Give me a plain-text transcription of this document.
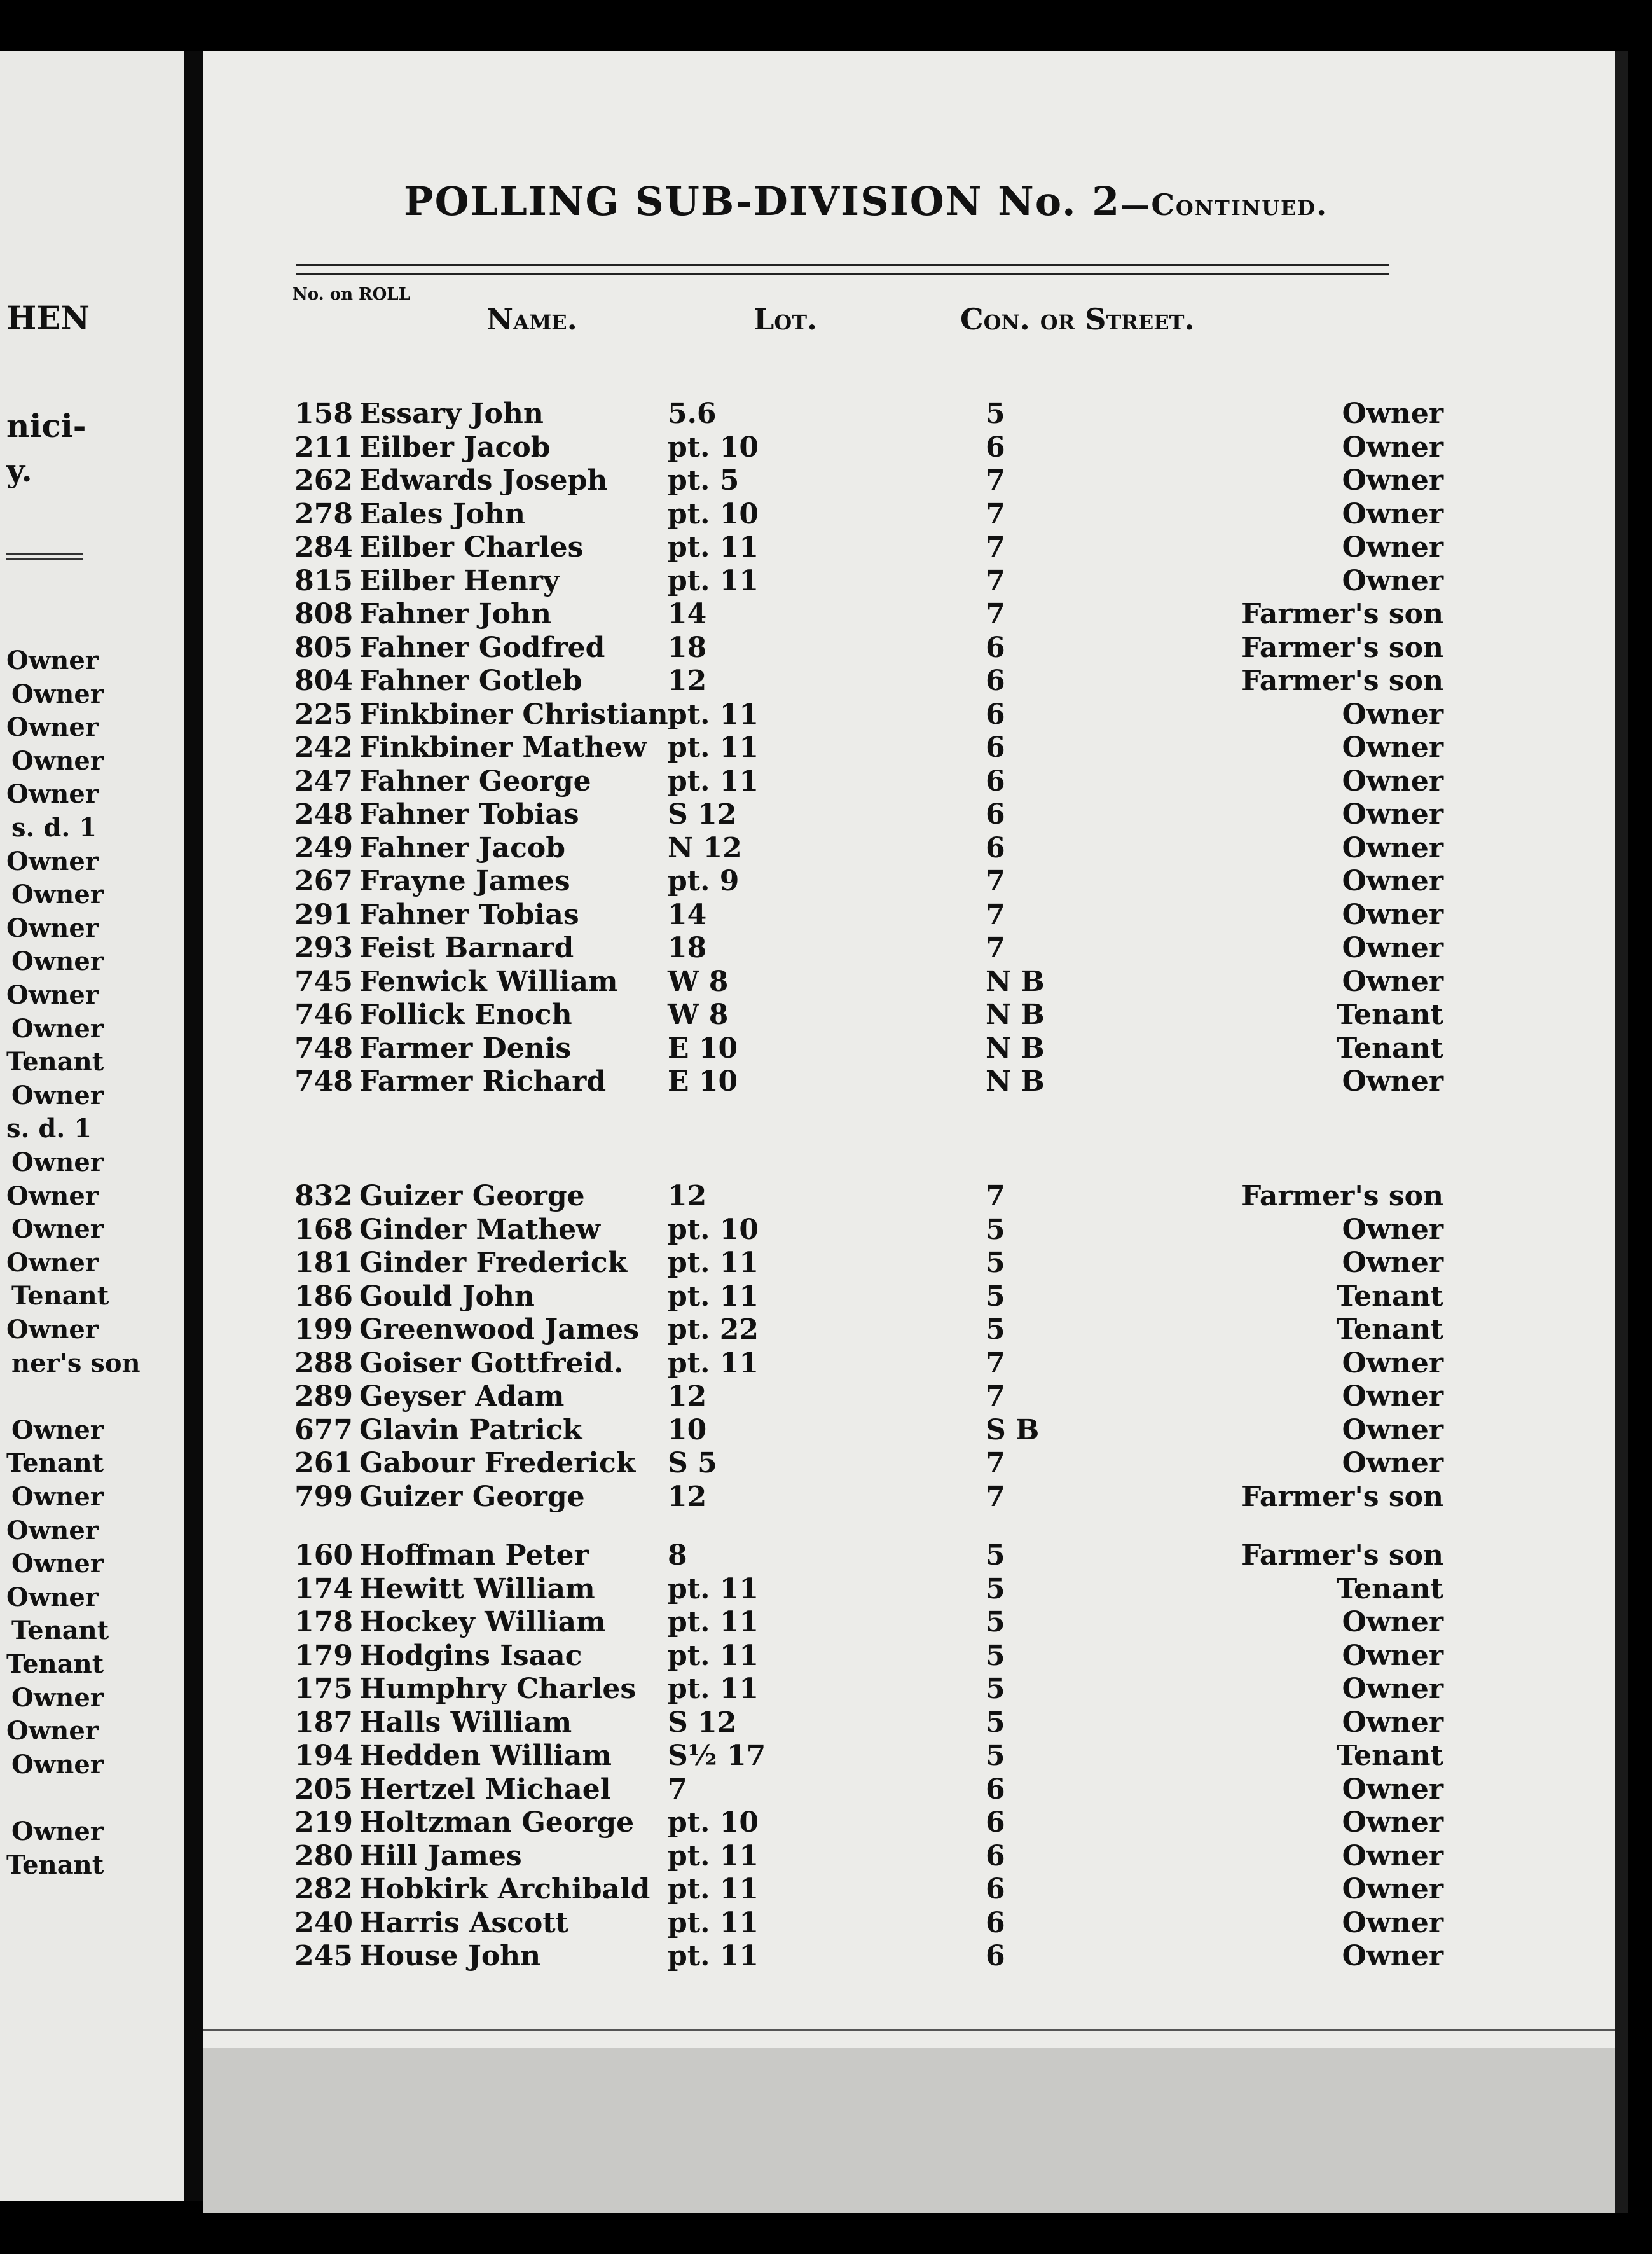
HEN
nici-
y.
Owner
Owner
Owner
Owner
Owner
s. d. 1
Owner
Owner
Owner
Owner
Owner
Owner
Tenant
Owner
s. d. 1
Owner
Owner
Owner
Owner
Tenant
Owner
ner's son
Owner
Tenant
Owner
Owner
Owner
Owner
Tenant
Tenant
Owner
Owner
Owner
Owner
Tenant
POLLING SUB-DIVISION No. 2—Continued.
No. on ROLL
Name.	Lot.	Con. or Street.
158 Essary John	5.6	5	Owner
211 Eilber Jacob	pt. 10	6	Owner
262 Edwards Joseph pt. 5	7	Owner
278 Eales John	pt. 10	7	Owner
284 Eilber Charles	pt. 11	7	Owner
815 Eilber Henry	pt. 11	7	Owner
808 Fahner John	14	7	Farmer's son
805 Fahner Godfred 18	6	Farmer's son
804 Fahner Gotleb	12	6	Farmer's son
225 Finkbiner Christian pt. 11	6	Owner
242 Finkbiner Mathew pt. 11	6	Owner
247 Fahner George	pt. 11	6	Owner
248 Fahner Tobias	S 12	6	Owner
249 Fahner Jacob	N 12	6	Owner
267 Frayne James	pt. 9	7	Owner
291 Fahner Tobias	14	7	Owner
293 Feist Barnard	18	7	Owner
745 Fenwick William W 8	N B	Owner
746 Follick Enoch	W 8	N B	Tenant
748 Farmer Denis	E 10	N B	Tenant
748 Farmer Richard E 10	N B	Owner
832 Guizer George	12	7	Farmer's son
168 Ginder Mathew pt. 10	5	Owner
181 Ginder Frederick pt. 11	5	Owner
186 Gould John	pt. 11	5	Tenant
199 Greenwood James pt. 22	5	Tenant
288 Goiser Gottfreid. pt. 11	7	Owner
289 Geyser Adam	12	7	Owner
677 Glavin Patrick	10	S B	Owner
261 Gabour Frederick S 5	7	Owner
799 Guizer George	12	7	Farmer's son
160 Hoffman Peter	8	5	Farmer's son
174 Hewitt William	pt. 11	5	Tenant
178 Hockey William pt. 11	5	Owner
179 Hodgins Isaac	pt. 11	5	Owner
175 Humphry Charles pt. 11	5	Owner
187 Halls William	S 12	5	Owner
194 Hedden William S½ 17	5	Tenant
205 Hertzel Michael 7	6	Owner
219 Holtzman George pt. 10	6	Owner
280 Hill James	pt. 11	6	Owner
282 Hobkirk Archibald pt. 11	6	Owner
240 Harris Ascott	pt. 11	6	Owner
245 House John	pt. 11	6	Owner
